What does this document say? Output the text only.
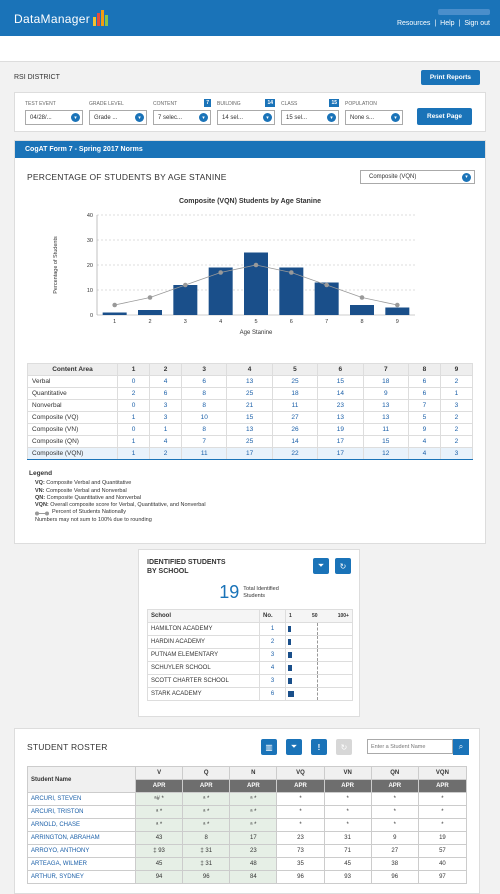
DataManager	Resources | Help | Sign out
RSI DISTRICT	Print Reports
TEST EVENT
04/28/...	▾
GRADE LEVEL
Grade ...	▾
CONTENT	7
7 selec...	▾
BUILDING	14
14 sel...	▾
CLASS	15
15 sel...	▾
POPULATION
None s...	▾	Reset Page
CogAT Form 7 - Spring 2017 Norms
PERCENTAGE OF STUDENTS BY AGE STANINE	Composite (VQN)	▾
Composite (VQN) Students by Age Stanine
0
10
20
30
40
1	2	3	4	5	6	7	8	9
Age Stanine
Percentage of Students
Content Area	1	2	3	4	5	6	7	8	9
Verbal	0	4	6	13	25	15	18	6	2
Quantitative	2	6	8	25	18	14	9	6	1
Nonverbal	0	3	8	21	11	23	13	7	3
Composite (VQ)	1	3	10	15	27	13	13	5	2
Composite (VN)	0	1	8	13	26	19	11	9	2
Composite (QN)	1	4	7	25	14	17	15	4	2
Composite (VQN)	1	2	11	17	22	17	12	4	3
Legend
VQ: Composite Verbal and Quantitative
VN: Composite Verbal and Nonverbal
QN: Composite Quantitative and Nonverbal
VQN: Overall composite score for Verbal, Quantitative, and Nonverbal
Percent of Students Nationally
Numbers may not sum to 100% due to rounding
IDENTIFIED STUDENTS
BY SCHOOL
⏷	↻
19 Total Identified
Students
School	No.	1 50 100+

HAMILTON ACADEMY	1	

HARDIN ACADEMY	2	

PUTNAM ELEMENTARY	3	

SCHUYLER SCHOOL	4	

SCOTT CHARTER SCHOOL	3	

STARK ACADEMY	6	
STUDENT ROSTER	▥	⏷	!	↻
Enter a Student Name	⌕
Student Name	V	Q	N	VQ	VN	QN	VQN
	APR	APR	APR	APR	APR	APR	APR
ARCURI, STEVEN	ᵃ# *	ᵃ *	ᵃ *	*	*	*	*
ARCURI, TRISTON	ᵃ *	ᵃ *	ᵃ *	*	*	*	*
ARNOLD, CHASE	ᵃ *	ᵃ *	ᵃ *	*	*	*	*
ARRINGTON, ABRAHAM	43	8	17	23	31	9	19
ARROYO, ANTHONY	‡ 93	‡ 31	23	73	71	27	57
ARTEAGA, WILMER	45	‡ 31	48	35	45	38	40
ARTHUR, SYDNEY	94	96	84	96	93	96	97
